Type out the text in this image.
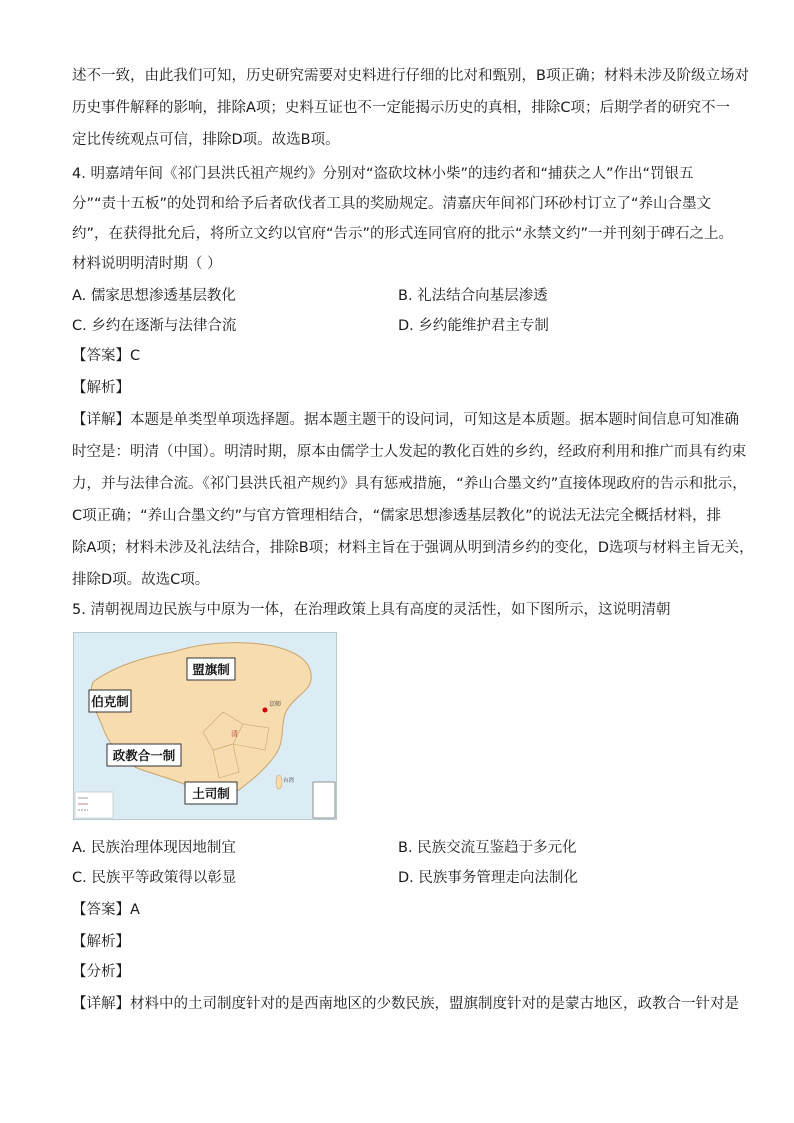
述不一致，由此我们可知，历史研究需要对史料进行仔细的比对和甄别，B项正确；材料未涉及阶级立场对
历史事件解释的影响，排除A项；史料互证也不一定能揭示历史的真相，排除C项；后期学者的研究不一
定比传统观点可信，排除D项。故选B项。
4. 明嘉靖年间《祁门县洪氏祖产规约》分别对“盗砍坟林小柴”的违约者和“捕获之人”作出“罚银五
分”“责十五板”的处罚和给予后者砍伐者工具的奖励规定。清嘉庆年间祁门环砂村订立了“养山合墨文
约”，在获得批允后，将所立文约以官府“告示”的形式连同官府的批示“永禁文约”一并刊刻于碑石之上。
材料说明明清时期（ ）
A. 儒家思想渗透基层教化	B. 礼法结合向基层渗透
C. 乡约在逐渐与法律合流	D. 乡约能维护君主专制
【答案】C
【解析】
【详解】本题是单类型单项选择题。据本题主题干的设问词，可知这是本质题。据本题时间信息可知准确
时空是：明清（中国）。明清时期，原本由儒学士人发起的教化百姓的乡约，经政府利用和推广而具有约束
力，并与法律合流。《祁门县洪氏祖产规约》具有惩戒措施，“养山合墨文约”直接体现政府的告示和批示，
C项正确；“养山合墨文约”与官方管理相结合，“儒家思想渗透基层教化”的说法无法完全概括材料，排
除A项；材料未涉及礼法结合，排除B项；材料主旨在于强调从明到清乡约的变化，D选项与材料主旨无关，
排除D项。故选C项。
5. 清朝视周边民族与中原为一体，在治理政策上具有高度的灵活性，如下图所示，这说明清朝
伯克制
盟旗制
政教合一制
土司制
清
京师
台湾
A. 民族治理体现因地制宜	B. 民族交流互鉴趋于多元化
C. 民族平等政策得以彰显	D. 民族事务管理走向法制化
【答案】A
【解析】
【分析】
【详解】材料中的土司制度针对的是西南地区的少数民族，盟旗制度针对的是蒙古地区，政教合一针对是
